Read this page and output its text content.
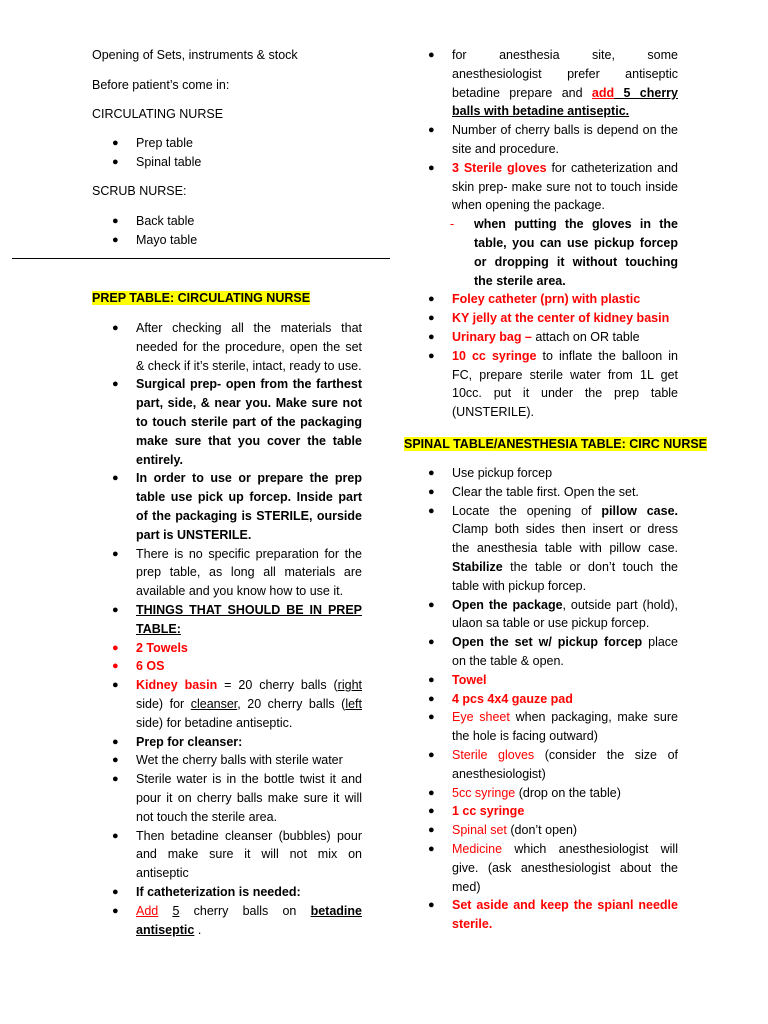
Opening of Sets, instruments & stock

Before patient’s come in:

CIRCULATING NURSE

● Prep table
● Spinal table

SCRUB NURSE:

● Back table
● Mayo table

PREP TABLE: CIRCULATING NURSE

● After checking all the materials that needed for the procedure, open the set & check if it’s sterile, intact, ready to use.
● Surgical prep- open from the farthest part, side, & near you. Make sure not to touch sterile part of the packaging make sure that you cover the table entirely.
● In order to use or prepare the prep table use pick up forcep. Inside part of the packaging is STERILE, ourside part is UNSTERILE.
● There is no specific preparation for the prep table, as long all materials are available and you know how to use it.
● THINGS THAT SHOULD BE IN PREP TABLE:
● 2 Towels
● 6 OS
● Kidney basin = 20 cherry balls (right side) for cleanser, 20 cherry balls (left side) for betadine antiseptic.
● Prep for cleanser:
● Wet the cherry balls with sterile water
● Sterile water is in the bottle twist it and pour it on cherry balls make sure it will not touch the sterile area.
● Then betadine cleanser (bubbles) pour and make sure it will not mix on antiseptic
● If catheterization is needed:
● Add 5 cherry balls on betadine antiseptic .
● for anesthesia site, some anesthesiologist prefer antiseptic betadine prepare and add 5 cherry balls with betadine antiseptic.
● Number of cherry balls is depend on the site and procedure.
● 3 Sterile gloves for catheterization and skin prep- make sure not to touch inside when opening the package.
- when putting the gloves in the table, you can use pickup forcep or dropping it without touching the sterile area.
● Foley catheter (prn) with plastic
● KY jelly at the center of kidney basin
● Urinary bag – attach on OR table
● 10 cc syringe to inflate the balloon in FC, prepare sterile water from 1L get 10cc. put it under the prep table (UNSTERILE).

SPINAL TABLE/ANESTHESIA TABLE: CIRC NURSE

● Use pickup forcep
● Clear the table first. Open the set.
● Locate the opening of pillow case. Clamp both sides then insert or dress the anesthesia table with pillow case. Stabilize the table or don’t touch the table with pickup forcep.
● Open the package, outside part (hold), ulaon sa table or use pickup forcep.
● Open the set w/ pickup forcep place on the table & open.
● Towel
● 4 pcs 4x4 gauze pad
● Eye sheet when packaging, make sure the hole is facing outward)
● Sterile gloves (consider the size of anesthesiologist)
● 5cc syringe (drop on the table)
● 1 cc syringe
● Spinal set (don’t open)
● Medicine which anesthesiologist will give. (ask anesthesiologist about the med)
● Set aside and keep the spianl needle sterile.
